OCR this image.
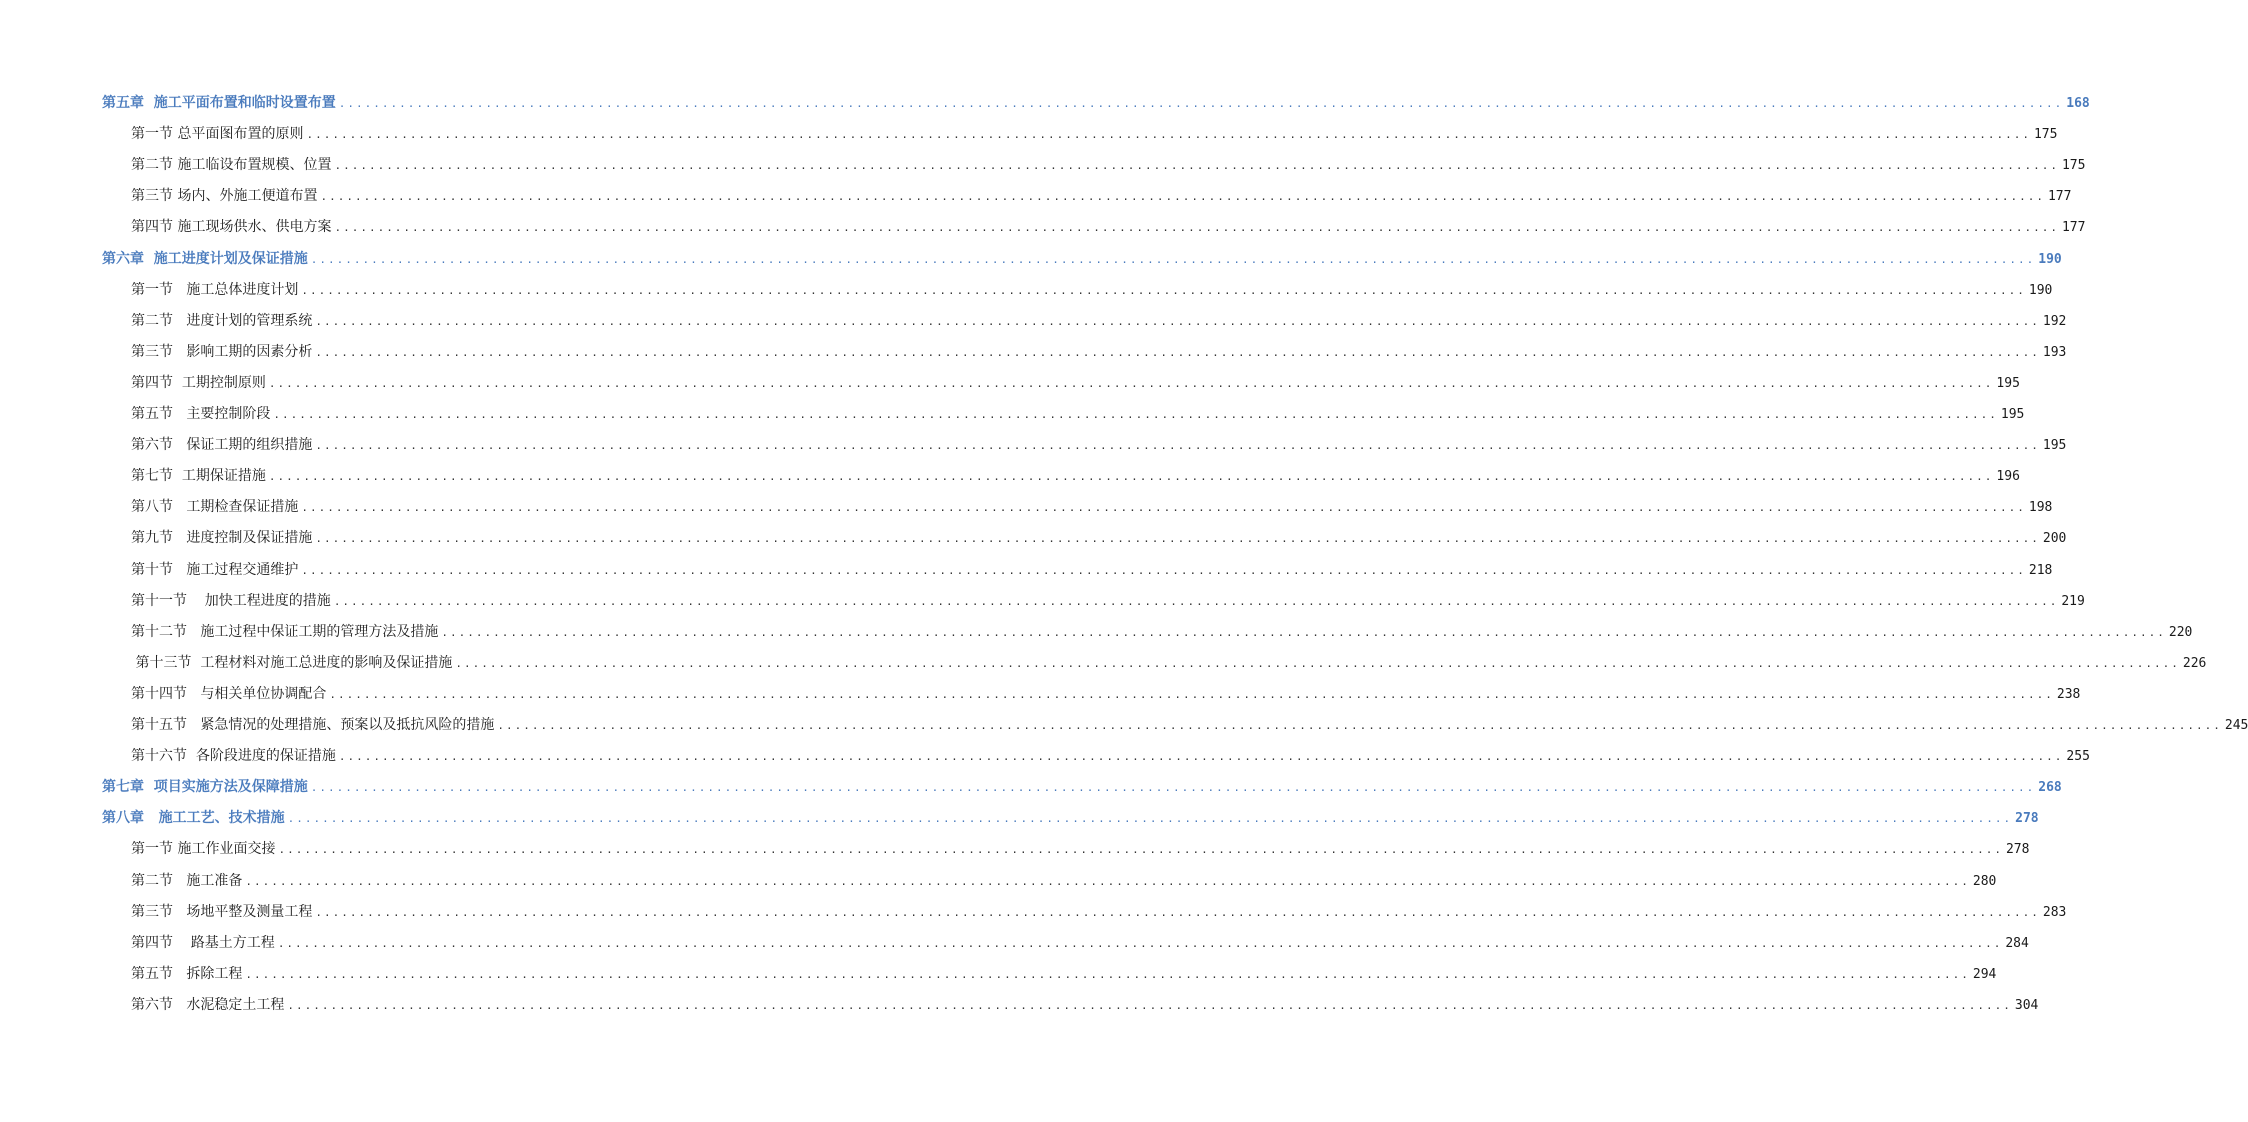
第五章  施工平面布置和临时设置布置 ........................................................................................................................................................................................................ 168
第一节 总平面图布置的原则 ........................................................................................................................................................................................................ 175
第二节 施工临设布置规模、位置 ........................................................................................................................................................................................................ 175
第三节 场内、外施工便道布置 ........................................................................................................................................................................................................ 177
第四节 施工现场供水、供电方案 ........................................................................................................................................................................................................ 177
第六章  施工进度计划及保证措施 ........................................................................................................................................................................................................ 190
第一节   施工总体进度计划 ........................................................................................................................................................................................................ 190
第二节   进度计划的管理系统 ........................................................................................................................................................................................................ 192
第三节   影响工期的因素分析 ........................................................................................................................................................................................................ 193
第四节  工期控制原则 ........................................................................................................................................................................................................ 195
第五节   主要控制阶段 ........................................................................................................................................................................................................ 195
第六节   保证工期的组织措施 ........................................................................................................................................................................................................ 195
第七节  工期保证措施 ........................................................................................................................................................................................................ 196
第八节   工期检查保证措施 ........................................................................................................................................................................................................ 198
第九节   进度控制及保证措施 ........................................................................................................................................................................................................ 200
第十节   施工过程交通维护 ........................................................................................................................................................................................................ 218
第十一节    加快工程进度的措施 ........................................................................................................................................................................................................ 219
第十二节   施工过程中保证工期的管理方法及措施 ........................................................................................................................................................................................................ 220
第十三节  工程材料对施工总进度的影响及保证措施 ........................................................................................................................................................................................................ 226
第十四节   与相关单位协调配合 ........................................................................................................................................................................................................ 238
第十五节   紧急情况的处理措施、预案以及抵抗风险的措施 ........................................................................................................................................................................................................ 245
第十六节  各阶段进度的保证措施 ........................................................................................................................................................................................................ 255
第七章  项目实施方法及保障措施 ........................................................................................................................................................................................................ 268
第八章   施工工艺、技术措施 ........................................................................................................................................................................................................ 278
第一节 施工作业面交接 ........................................................................................................................................................................................................ 278
第二节   施工准备 ........................................................................................................................................................................................................ 280
第三节   场地平整及测量工程 ........................................................................................................................................................................................................ 283
第四节    路基土方工程 ........................................................................................................................................................................................................ 284
第五节   拆除工程 ........................................................................................................................................................................................................ 294
第六节   水泥稳定土工程 ........................................................................................................................................................................................................ 304
